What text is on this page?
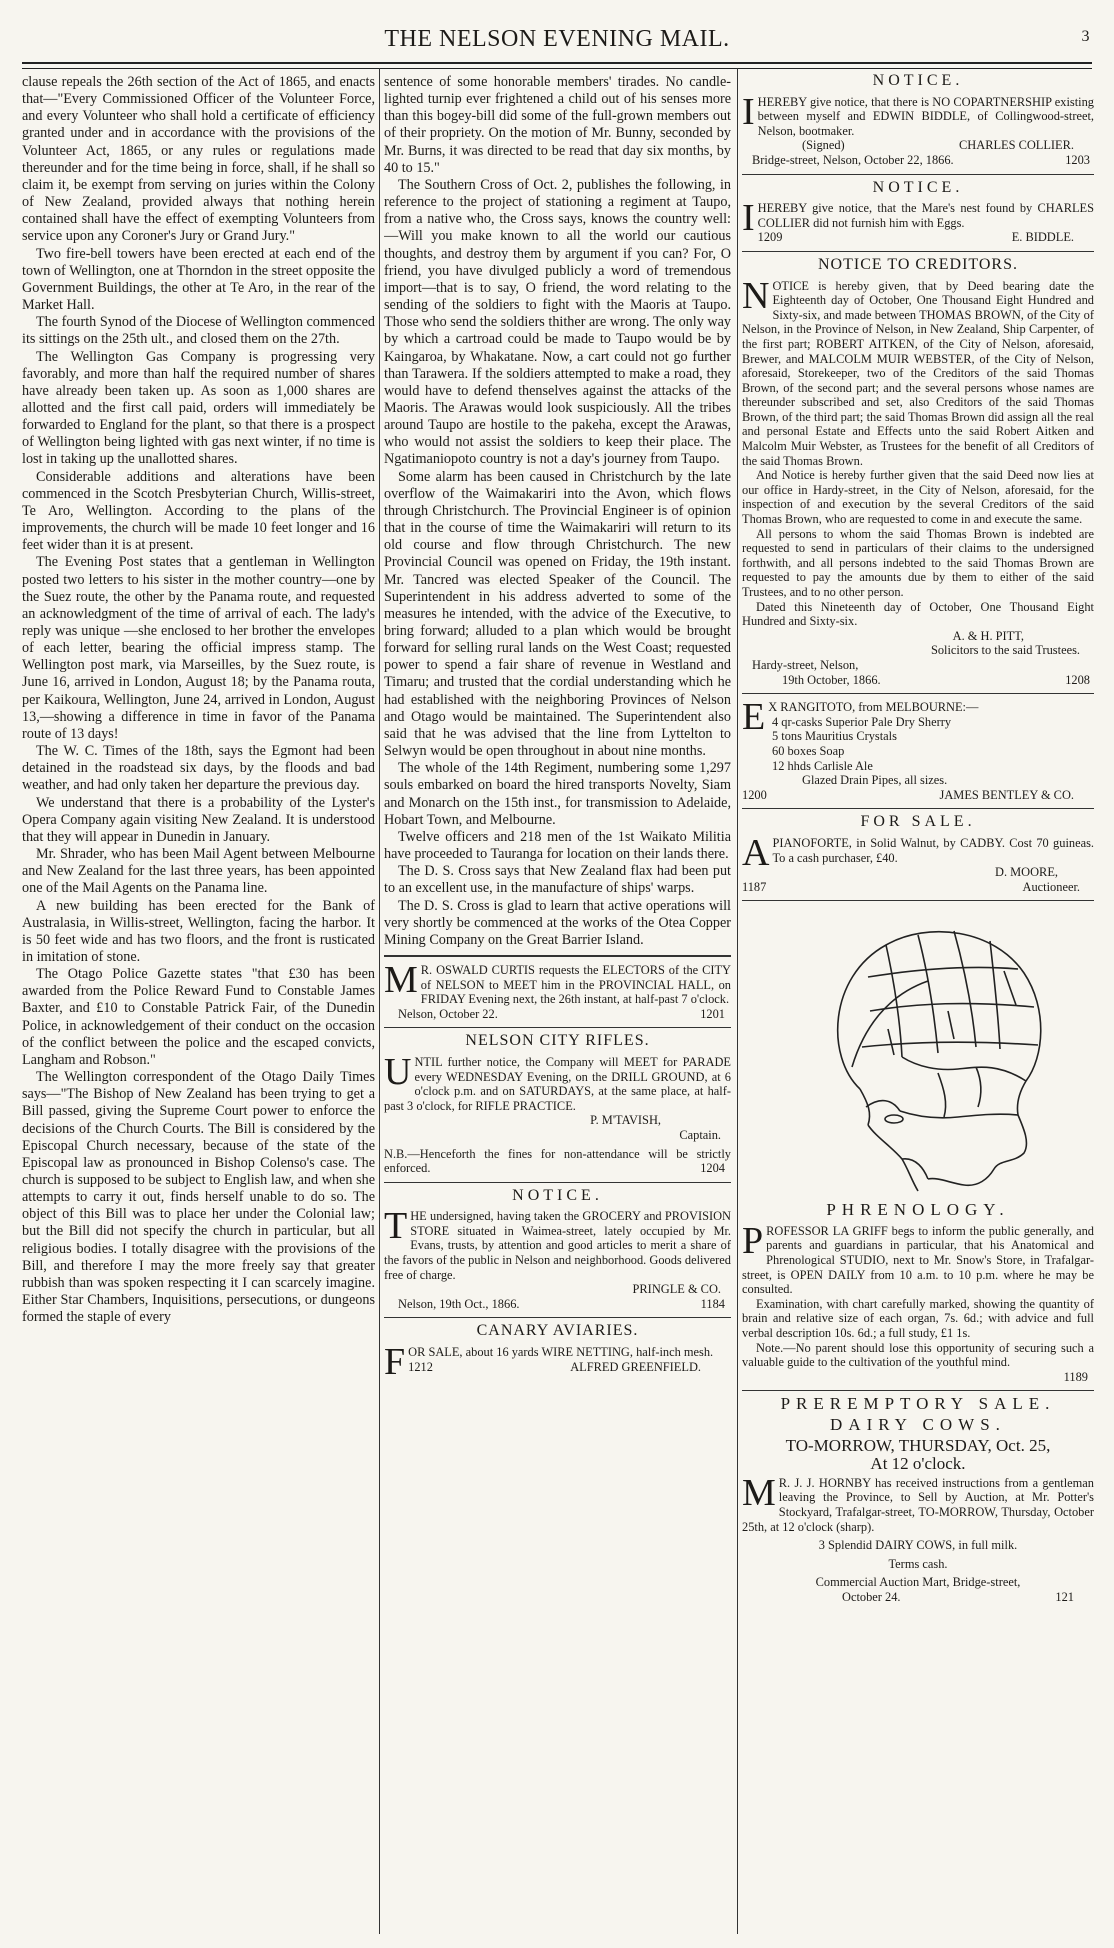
THE NELSON EVENING MAIL.	3

clause repeals the 26th section of the Act of 1865, and enacts that—"Every Commissioned Officer of the Volunteer Force, and every Volunteer who shall hold a certificate of efficiency granted under and in accordance with the provisions of the Volunteer Act, 1865, or any rules or regulations made thereunder and for the time being in force, shall, if he shall so claim it, be exempt from serving on juries within the Colony of New Zealand, provided always that nothing herein contained shall have the effect of exempting Volunteers from service upon any Coroner's Jury or Grand Jury."

Two fire-bell towers have been erected at each end of the town of Wellington, one at Thorndon in the street opposite the Government Buildings, the other at Te Aro, in the rear of the Market Hall.

The fourth Synod of the Diocese of Wellington commenced its sittings on the 25th ult., and closed them on the 27th.

The Wellington Gas Company is progressing very favorably, and more than half the required number of shares have already been taken up. As soon as 1,000 shares are allotted and the first call paid, orders will immediately be forwarded to England for the plant, so that there is a prospect of Wellington being lighted with gas next winter, if no time is lost in taking up the unallotted shares.

Considerable additions and alterations have been commenced in the Scotch Presbyterian Church, Willis-street, Te Aro, Wellington. According to the plans of the improvements, the church will be made 10 feet longer and 16 feet wider than it is at present.

The Evening Post states that a gentleman in Wellington posted two letters to his sister in the mother country—one by the Suez route, the other by the Panama route, and requested an acknowledgment of the time of arrival of each. The lady's reply was unique —she enclosed to her brother the envelopes of each letter, bearing the official impress stamp. The Wellington post mark, via Marseilles, by the Suez route, is June 16, arrived in London, August 18; by the Panama routa, per Kaikoura, Wellington, June 24, arrived in London, August 13,—showing a difference in time in favor of the Panama route of 13 days!

The W. C. Times of the 18th, says the Egmont had been detained in the roadstead six days, by the floods and bad weather, and had only taken her departure the previous day.

We understand that there is a probability of the Lyster's Opera Company again visiting New Zealand. It is understood that they will appear in Dunedin in January.

Mr. Shrader, who has been Mail Agent between Melbourne and New Zealand for the last three years, has been appointed one of the Mail Agents on the Panama line.

A new building has been erected for the Bank of Australasia, in Willis-street, Wellington, facing the harbor. It is 50 feet wide and has two floors, and the front is rusticated in imitation of stone.

The Otago Police Gazette states "that £30 has been awarded from the Police Reward Fund to Constable James Baxter, and £10 to Constable Patrick Fair, of the Dunedin Police, in acknowledgement of their conduct on the occasion of the conflict between the police and the escaped convicts, Langham and Robson."

The Wellington correspondent of the Otago Daily Times says—"The Bishop of New Zealand has been trying to get a Bill passed, giving the Supreme Court power to enforce the decisions of the Church Courts. The Bill is considered by the Episcopal Church necessary, because of the state of the Episcopal law as pronounced in Bishop Colenso's case. The church is supposed to be subject to English law, and when she attempts to carry it out, finds herself unable to do so. The object of this Bill was to place her under the Colonial law; but the Bill did not specify the church in particular, but all religious bodies. I totally disagree with the provisions of the Bill, and therefore I may the more freely say that greater rubbish than was spoken respecting it I can scarcely imagine. Either Star Chambers, Inquisitions, persecutions, or dungeons formed the staple of every

sentence of some honorable members' tirades. No candle-lighted turnip ever frightened a child out of his senses more than this bogey-bill did some of the full-grown members out of their propriety. On the motion of Mr. Bunny, seconded by Mr. Burns, it was directed to be read that day six months, by 40 to 15."

The Southern Cross of Oct. 2, publishes the following, in reference to the project of stationing a regiment at Taupo, from a native who, the Cross says, knows the country well:—Will you make known to all the world our cautious thoughts, and destroy them by argument if you can? For, O friend, you have divulged publicly a word of tremendous import—that is to say, O friend, the word relating to the sending of the soldiers to fight with the Maoris at Taupo. Those who send the soldiers thither are wrong. The only way by which a cartroad could be made to Taupo would be by Kaingaroa, by Whakatane. Now, a cart could not go further than Tarawera. If the soldiers attempted to make a road, they would have to defend thenselves against the attacks of the Maoris. The Arawas would look suspiciously. All the tribes around Taupo are hostile to the pakeha, except the Arawas, who would not assist the soldiers to keep their place. The Ngatimaniopoto country is not a day's journey from Taupo.

Some alarm has been caused in Christchurch by the late overflow of the Waimakariri into the Avon, which flows through Christchurch. The Provincial Engineer is of opinion that in the course of time the Waimakariri will return to its old course and flow through Christchurch. The new Provincial Council was opened on Friday, the 19th instant. Mr. Tancred was elected Speaker of the Council. The Superintendent in his address adverted to some of the measures he intended, with the advice of the Executive, to bring forward; alluded to a plan which would be brought forward for selling rural lands on the West Coast; requested power to spend a fair share of revenue in Westland and Timaru; and trusted that the cordial understanding which he had established with the neighboring Provinces of Nelson and Otago would be maintained. The Superintendent also said that he was advised that the line from Lyttelton to Selwyn would be open throughout in about nine months.

The whole of the 14th Regiment, numbering some 1,297 souls embarked on board the hired transports Novelty, Siam and Monarch on the 15th inst., for transmission to Adelaide, Hobart Town, and Melbourne.

Twelve officers and 218 men of the 1st Waikato Militia have proceeded to Tauranga for location on their lands there.

The D. S. Cross says that New Zealand flax had been put to an excellent use, in the manufacture of ships' warps.

The D. S. Cross is glad to learn that active operations will very shortly be commenced at the works of the Otea Copper Mining Company on the Great Barrier Island.

M R. OSWALD CURTIS requests the ELECTORS of the CITY of NELSON to MEET him in the PROVINCIAL HALL, on FRIDAY Evening next, the 26th instant, at half-past 7 o'clock.

Nelson, October 22.	1201
NELSON CITY RIFLES.

UNTIL further notice, the Company will MEET for PARADE every WEDNESDAY Evening, on the DRILL GROUND, at 6 o'clock p.m. and on SATURDAYS, at the same place, at half-past 3 o'clock, for RIFLE PRACTICE.

P. M'TAVISH,

Captain.

N.B.—Henceforth the fines for non-attendance will be strictly enforced.	1204

NOTICE.

THE undersigned, having taken the GROCERY and PROVISION STORE situated in Waimea-street, lately occupied by Mr. Evans, trusts, by attention and good articles to merit a share of the favors of the public in Nelson and neighborhood. Goods delivered free of charge.

PRINGLE & CO.

Nelson, 19th Oct., 1866.	1184
CANARY AVIARIES.

FOR SALE, about 16 yards WIRE NETTING, half-inch mesh.

1212	ALFRED GREENFIELD.
NOTICE.

IHEREBY give notice, that there is NO COPARTNERSHIP existing between myself and EDWIN BIDDLE, of Collingwood-street, Nelson, bootmaker.

(Signed)	CHARLES COLLIER.
Bridge-street, Nelson, October 22, 1866.	1203
NOTICE.

IHEREBY give notice, that the Mare's nest found by CHARLES COLLIER did not furnish him with Eggs.

1209	E. BIDDLE.
NOTICE TO CREDITORS.

NOTICE is hereby given, that by Deed bearing date the Eighteenth day of October, One Thousand Eight Hundred and Sixty-six, and made between THOMAS BROWN, of the City of Nelson, in the Province of Nelson, in New Zealand, Ship Carpenter, of the first part; ROBERT AITKEN, of the City of Nelson, aforesaid, Brewer, and MALCOLM MUIR WEBSTER, of the City of Nelson, aforesaid, Storekeeper, two of the Creditors of the said Thomas Brown, of the second part; and the several persons whose names are thereunder subscribed and set, also Creditors of the said Thomas Brown, of the third part; the said Thomas Brown did assign all the real and personal Estate and Effects unto the said Robert Aitken and Malcolm Muir Webster, as Trustees for the benefit of all Creditors of the said Thomas Brown.

And Notice is hereby further given that the said Deed now lies at our office in Hardy-street, in the City of Nelson, aforesaid, for the inspection of and execution by the several Creditors of the said Thomas Brown, who are requested to come in and execute the same.

All persons to whom the said Thomas Brown is indebted are requested to send in particulars of their claims to the undersigned forthwith, and all persons indebted to the said Thomas Brown are requested to pay the amounts due by them to either of the said Trustees, and to no other person.

Dated this Nineteenth day of October, One Thousand Eight Hundred and Sixty-six.

A. & H. PITT,

Solicitors to the said Trustees.

Hardy-street, Nelson,

19th October, 1866.	1208

E X RANGITOTO, from MELBOURNE:—

4 qr-casks Superior Pale Dry Sherry

5 tons Mauritius Crystals

60 boxes Soap

12 hhds Carlisle Ale

Glazed Drain Pipes, all sizes.

1200	JAMES BENTLEY & CO.
FOR SALE.

APIANOFORTE, in Solid Walnut, by CADBY. Cost 70 guineas. To a cash purchaser, £40.

D. MOORE,

1187	Auctioneer.
PHRENOLOGY.

PROFESSOR LA GRIFF begs to inform the public generally, and parents and guardians in particular, that his Anatomical and Phrenological STUDIO, next to Mr. Snow's Store, in Trafalgar-street, is OPEN DAILY from 10 a.m. to 10 p.m. where he may be consulted.

Examination, with chart carefully marked, showing the quantity of brain and relative size of each organ, 7s. 6d.; with advice and full verbal description 10s. 6d.; a full study, £1 1s.

Note.—No parent should lose this opportunity of securing such a valuable guide to the cultivation of the youthful mind.

1189

PREREMPTORY SALE.
DAIRY COWS.
TO-MORROW, THURSDAY, Oct. 25,
At 12 o'clock.

M R. J. J. HORNBY has received instructions from a gentleman leaving the Province, to Sell by Auction, at Mr. Potter's Stockyard, Trafalgar-street, TO-MORROW, Thursday, October 25th, at 12 o'clock (sharp).

3 Splendid DAIRY COWS, in full milk.

Terms cash.

Commercial Auction Mart, Bridge-street,

October 24.	121
